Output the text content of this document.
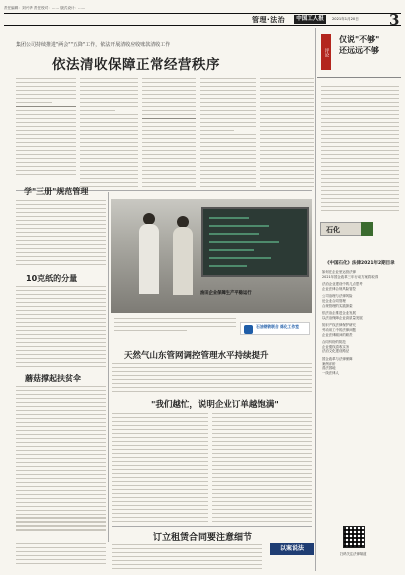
责任编辑：刘兴华 责任校对：…… 版式设计：……
管理·法治	中国工人报	2021年1月20日 3
集团公司持续推进"两会""五降"工作，依法开展清收应收账款清收工作
依法清收保障正常经营秩序
学"三册"规范管理
10克纸的分量
蘑菇撑起扶贫伞
油田企业保障生产平稳运行
石油钢铁联合 炼化工作室
天然气山东管网调控管理水平持续提升
"我们越忙，说明企业订单越饱满"
订立租赁合同要注意细节
以案说法
评论
仅说"不够"
还远远不够
石化
《中国石化》法律2021年2期目录
如何在企业里运营法律
2021年国企改革三年行动方案将取得
法治企业建设中的几点思考
企业法律合规风险管控
公司治理与法律风险
论企业合同管理
合规管理的实践探索
依法治企推进企业发展
以法治保障企业高质量发展
知识产权法律保护研究
劳动用工中的法律问题
企业法律顾问的职责
合同纠纷的防范
企业债权清收实务
法治文化建设路径
国企改革与法律保障
案例评析
普法园地
一线法律人
扫码关注法律频道
